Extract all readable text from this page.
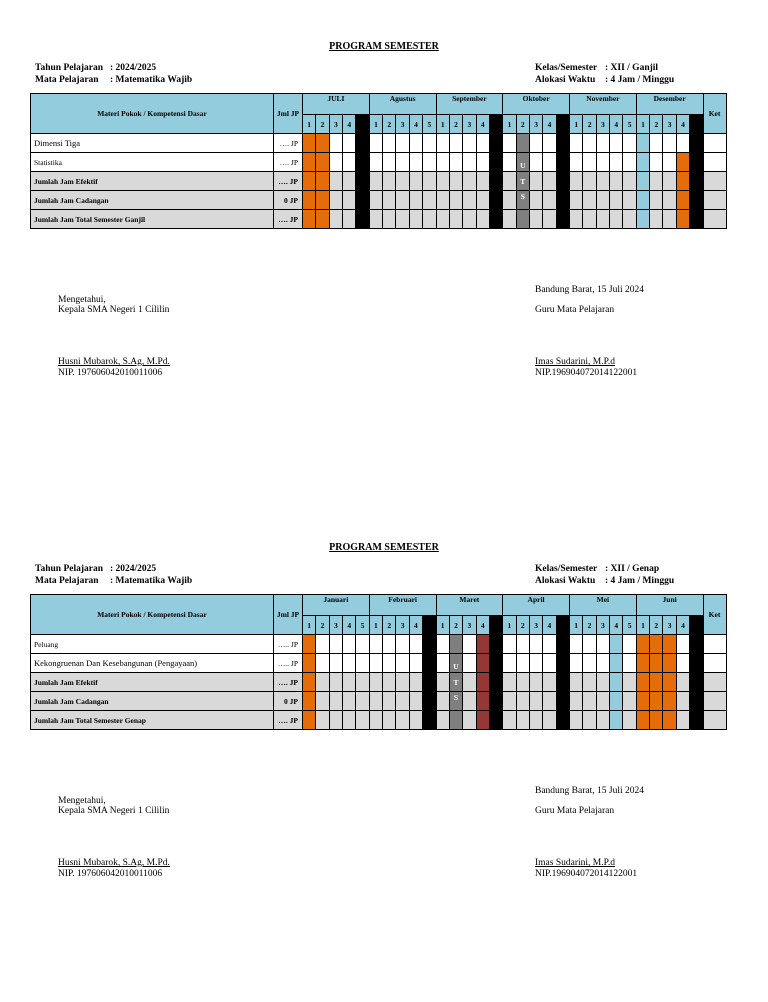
PROGRAM SEMESTER
Tahun Pelajaran : 2024/2025
Mata Pelajaran : Matematika Wajib
Kelas/Semester : XII / Ganjil
Alokasi Waktu : 4 Jam / Minggu
Materi Pokok / Kompetensi Dasar	Jml JP	JULI					Agustus					September					Oktober					November					Desember					Ket
		1	2	3	4		1	2	3	4	5	1	2	3	4		1	2	3	4		1	2	3	4	5	1	2	3	4		
Dimensi Tiga	…. JP																															
Statistika	…. JP																	U														
Jumlah Jam Efektif	…. JP																	T														
Jumlah Jam Cadangan	0 JP																	S														
Jumlah Jam Total Semester Ganjil	…. JP																															
Bandung Barat, 15 Juli 2024
Mengetahui,
Kepala SMA Negeri 1 Cililin	Guru Mata Pelajaran
Husni Mubarok, S.Ag, M.Pd.
NIP. 197606042010011006
Imas Sudarini, M.P.d
NIP.196904072014122001
PROGRAM SEMESTER
Tahun Pelajaran : 2024/2025
Mata Pelajaran : Matematika Wajib
Kelas/Semester : XII / Genap
Alokasi Waktu : 4 Jam / Minggu
Materi Pokok / Kompetensi Dasar	Jml JP	Januari					Februari					Maret					April					Mei					Juni					Ket
		1	2	3	4	5	1	2	3	4		1	2	3	4		1	2	3	4		1	2	3	4	5	1	2	3	4		
Peluang	….. JP																															
Kekongruenan Dan Kesebangunan (Pengayaan)	….. JP												U																			
Jumlah Jam Efektif	…. JP												T																			
Jumlah Jam Cadangan	0 JP												S																			
Jumlah Jam Total Semester Genap	…. JP																															
Bandung Barat, 15 Juli 2024
Mengetahui,
Kepala SMA Negeri 1 Cililin	Guru Mata Pelajaran
Husni Mubarok, S.Ag, M.Pd.
NIP. 197606042010011006
Imas Sudarini, M.P.d
NIP.196904072014122001
